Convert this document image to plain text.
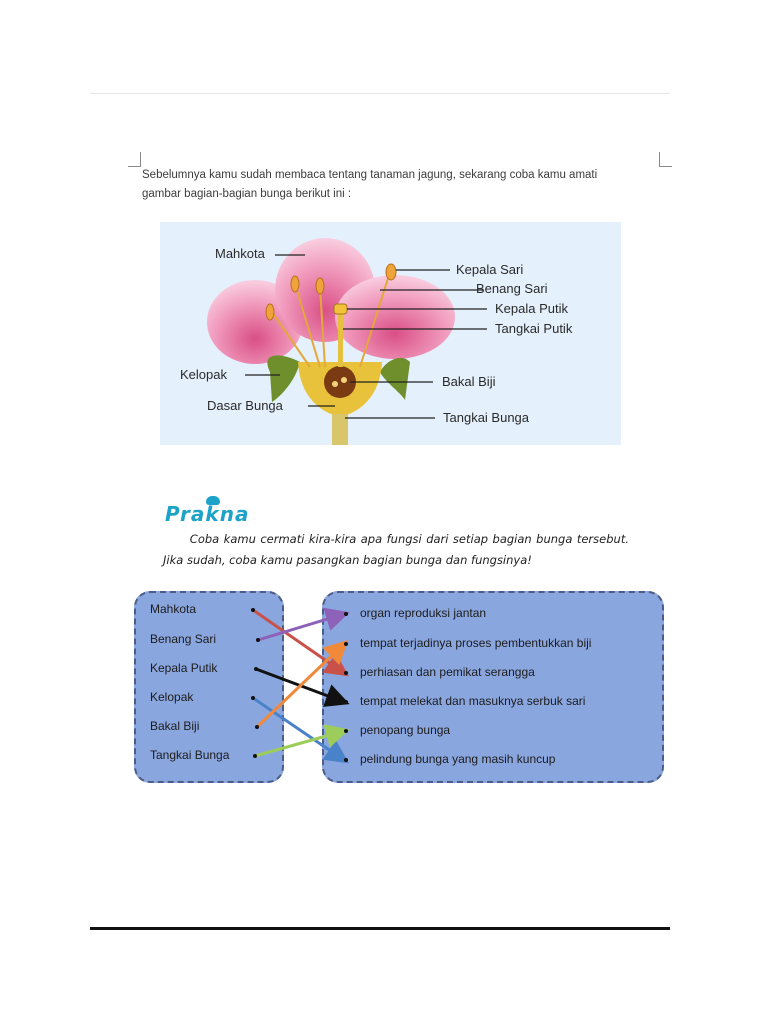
Sebelumnya kamu sudah membaca tentang tanaman jagung, sekarang coba kamu amati
gambar bagian-bagian bunga berikut ini :
Mahkota
Kepala Sari
Benang Sari
Kepala Putik
Tangkai Putik
Kelopak	Bakal Biji
Dasar Bunga
Tangkai Bunga
Prakna
Coba kamu cermati kira-kira apa fungsi dari setiap bagian bunga tersebut. Jika sudah, coba kamu pasangkan bagian bunga dan fungsinya!
Mahkota
Benang Sari
Kepala Putik
Kelopak
Bakal Biji
Tangkai Bunga
organ reproduksi jantan
tempat terjadinya proses pembentukkan biji
perhiasan dan pemikat serangga
tempat melekat dan masuknya serbuk sari
penopang bunga
pelindung bunga yang masih kuncup
